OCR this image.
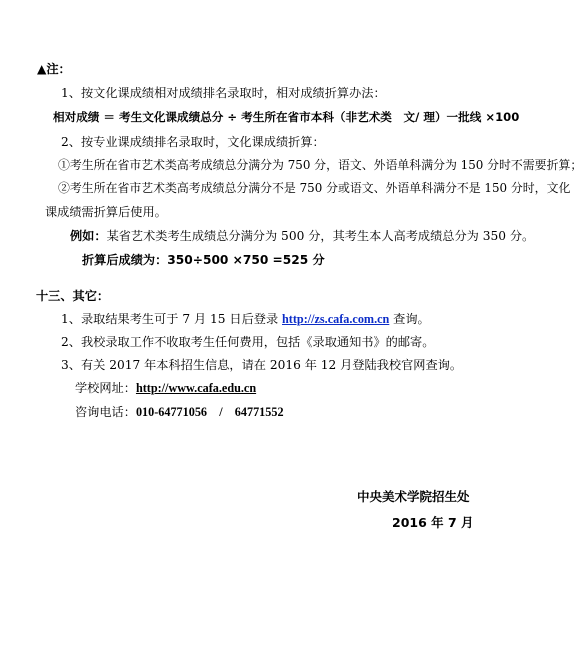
▲注：
1、按文化课成绩相对成绩排名录取时，相对成绩折算办法：
相对成绩 ＝ 考生文化课成绩总分 ÷ 考生所在省市本科（非艺术类　文/ 理）一批线 ×100
2、按专业课成绩排名录取时，文化课成绩折算：
①考生所在省市艺术类高考成绩总分满分为 750 分，语文、外语单科满分为 150 分时不需要折算；
②考生所在省市艺术类高考成绩总分满分不是 750 分或语文、外语单科满分不是 150 分时，文化
课成绩需折算后使用。
例如：某省艺术类考生成绩总分满分为 500 分，其考生本人高考成绩总分为 350 分。
折算后成绩为：350÷500 ×750 =525 分
十三、其它：
1、录取结果考生可于 7 月 15 日后登录 http://zs.cafa.com.cn 查询。
2、我校录取工作不收取考生任何费用，包括《录取通知书》的邮寄。
3、有关 2017 年本科招生信息，请在 2016 年 12 月登陆我校官网查询。
学校网址：http://www.cafa.edu.cn
咨询电话：010-64771056　/　64771552
中央美术学院招生处
2016 年 7 月
